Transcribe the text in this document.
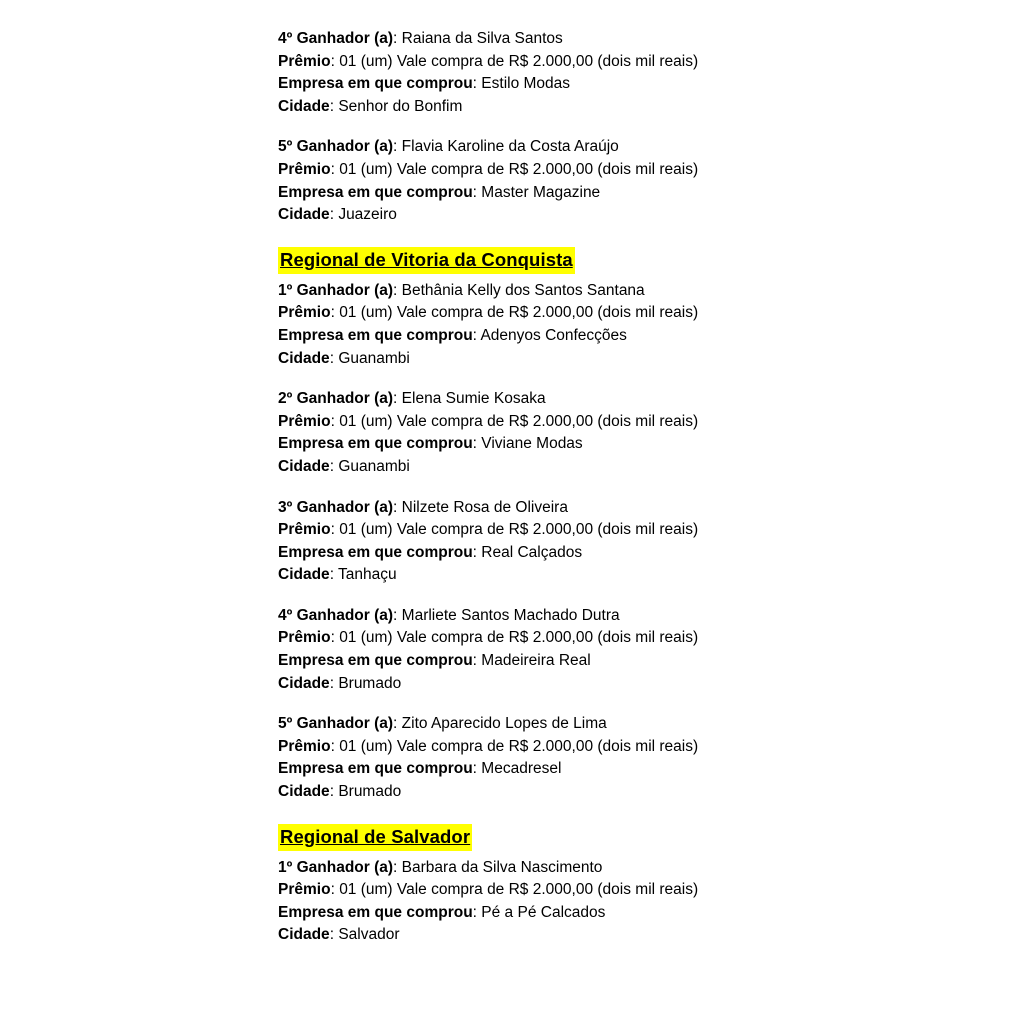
4º Ganhador (a): Raiana da Silva Santos
Prêmio: 01 (um) Vale compra de R$ 2.000,00 (dois mil reais)
Empresa em que comprou: Estilo Modas
Cidade: Senhor do Bonfim
5º Ganhador (a): Flavia Karoline da Costa Araújo
Prêmio: 01 (um) Vale compra de R$ 2.000,00 (dois mil reais)
Empresa em que comprou: Master Magazine
Cidade: Juazeiro
Regional de Vitoria da Conquista
1º Ganhador (a): Bethânia Kelly dos Santos Santana
Prêmio: 01 (um) Vale compra de R$ 2.000,00 (dois mil reais)
Empresa em que comprou: Adenyos Confecções
Cidade: Guanambi
2º Ganhador (a): Elena Sumie Kosaka
Prêmio: 01 (um) Vale compra de R$ 2.000,00 (dois mil reais)
Empresa em que comprou: Viviane Modas
Cidade: Guanambi
3º Ganhador (a): Nilzete Rosa de Oliveira
Prêmio: 01 (um) Vale compra de R$ 2.000,00 (dois mil reais)
Empresa em que comprou: Real Calçados
Cidade: Tanhaçu
4º Ganhador (a): Marliete Santos Machado Dutra
Prêmio: 01 (um) Vale compra de R$ 2.000,00 (dois mil reais)
Empresa em que comprou: Madeireira Real
Cidade: Brumado
5º Ganhador (a): Zito Aparecido Lopes de Lima
Prêmio: 01 (um) Vale compra de R$ 2.000,00 (dois mil reais)
Empresa em que comprou: Mecadresel
Cidade: Brumado
Regional de Salvador
1º Ganhador (a): Barbara da Silva Nascimento
Prêmio: 01 (um) Vale compra de R$ 2.000,00 (dois mil reais)
Empresa em que comprou: Pé a Pé Calcados
Cidade: Salvador
